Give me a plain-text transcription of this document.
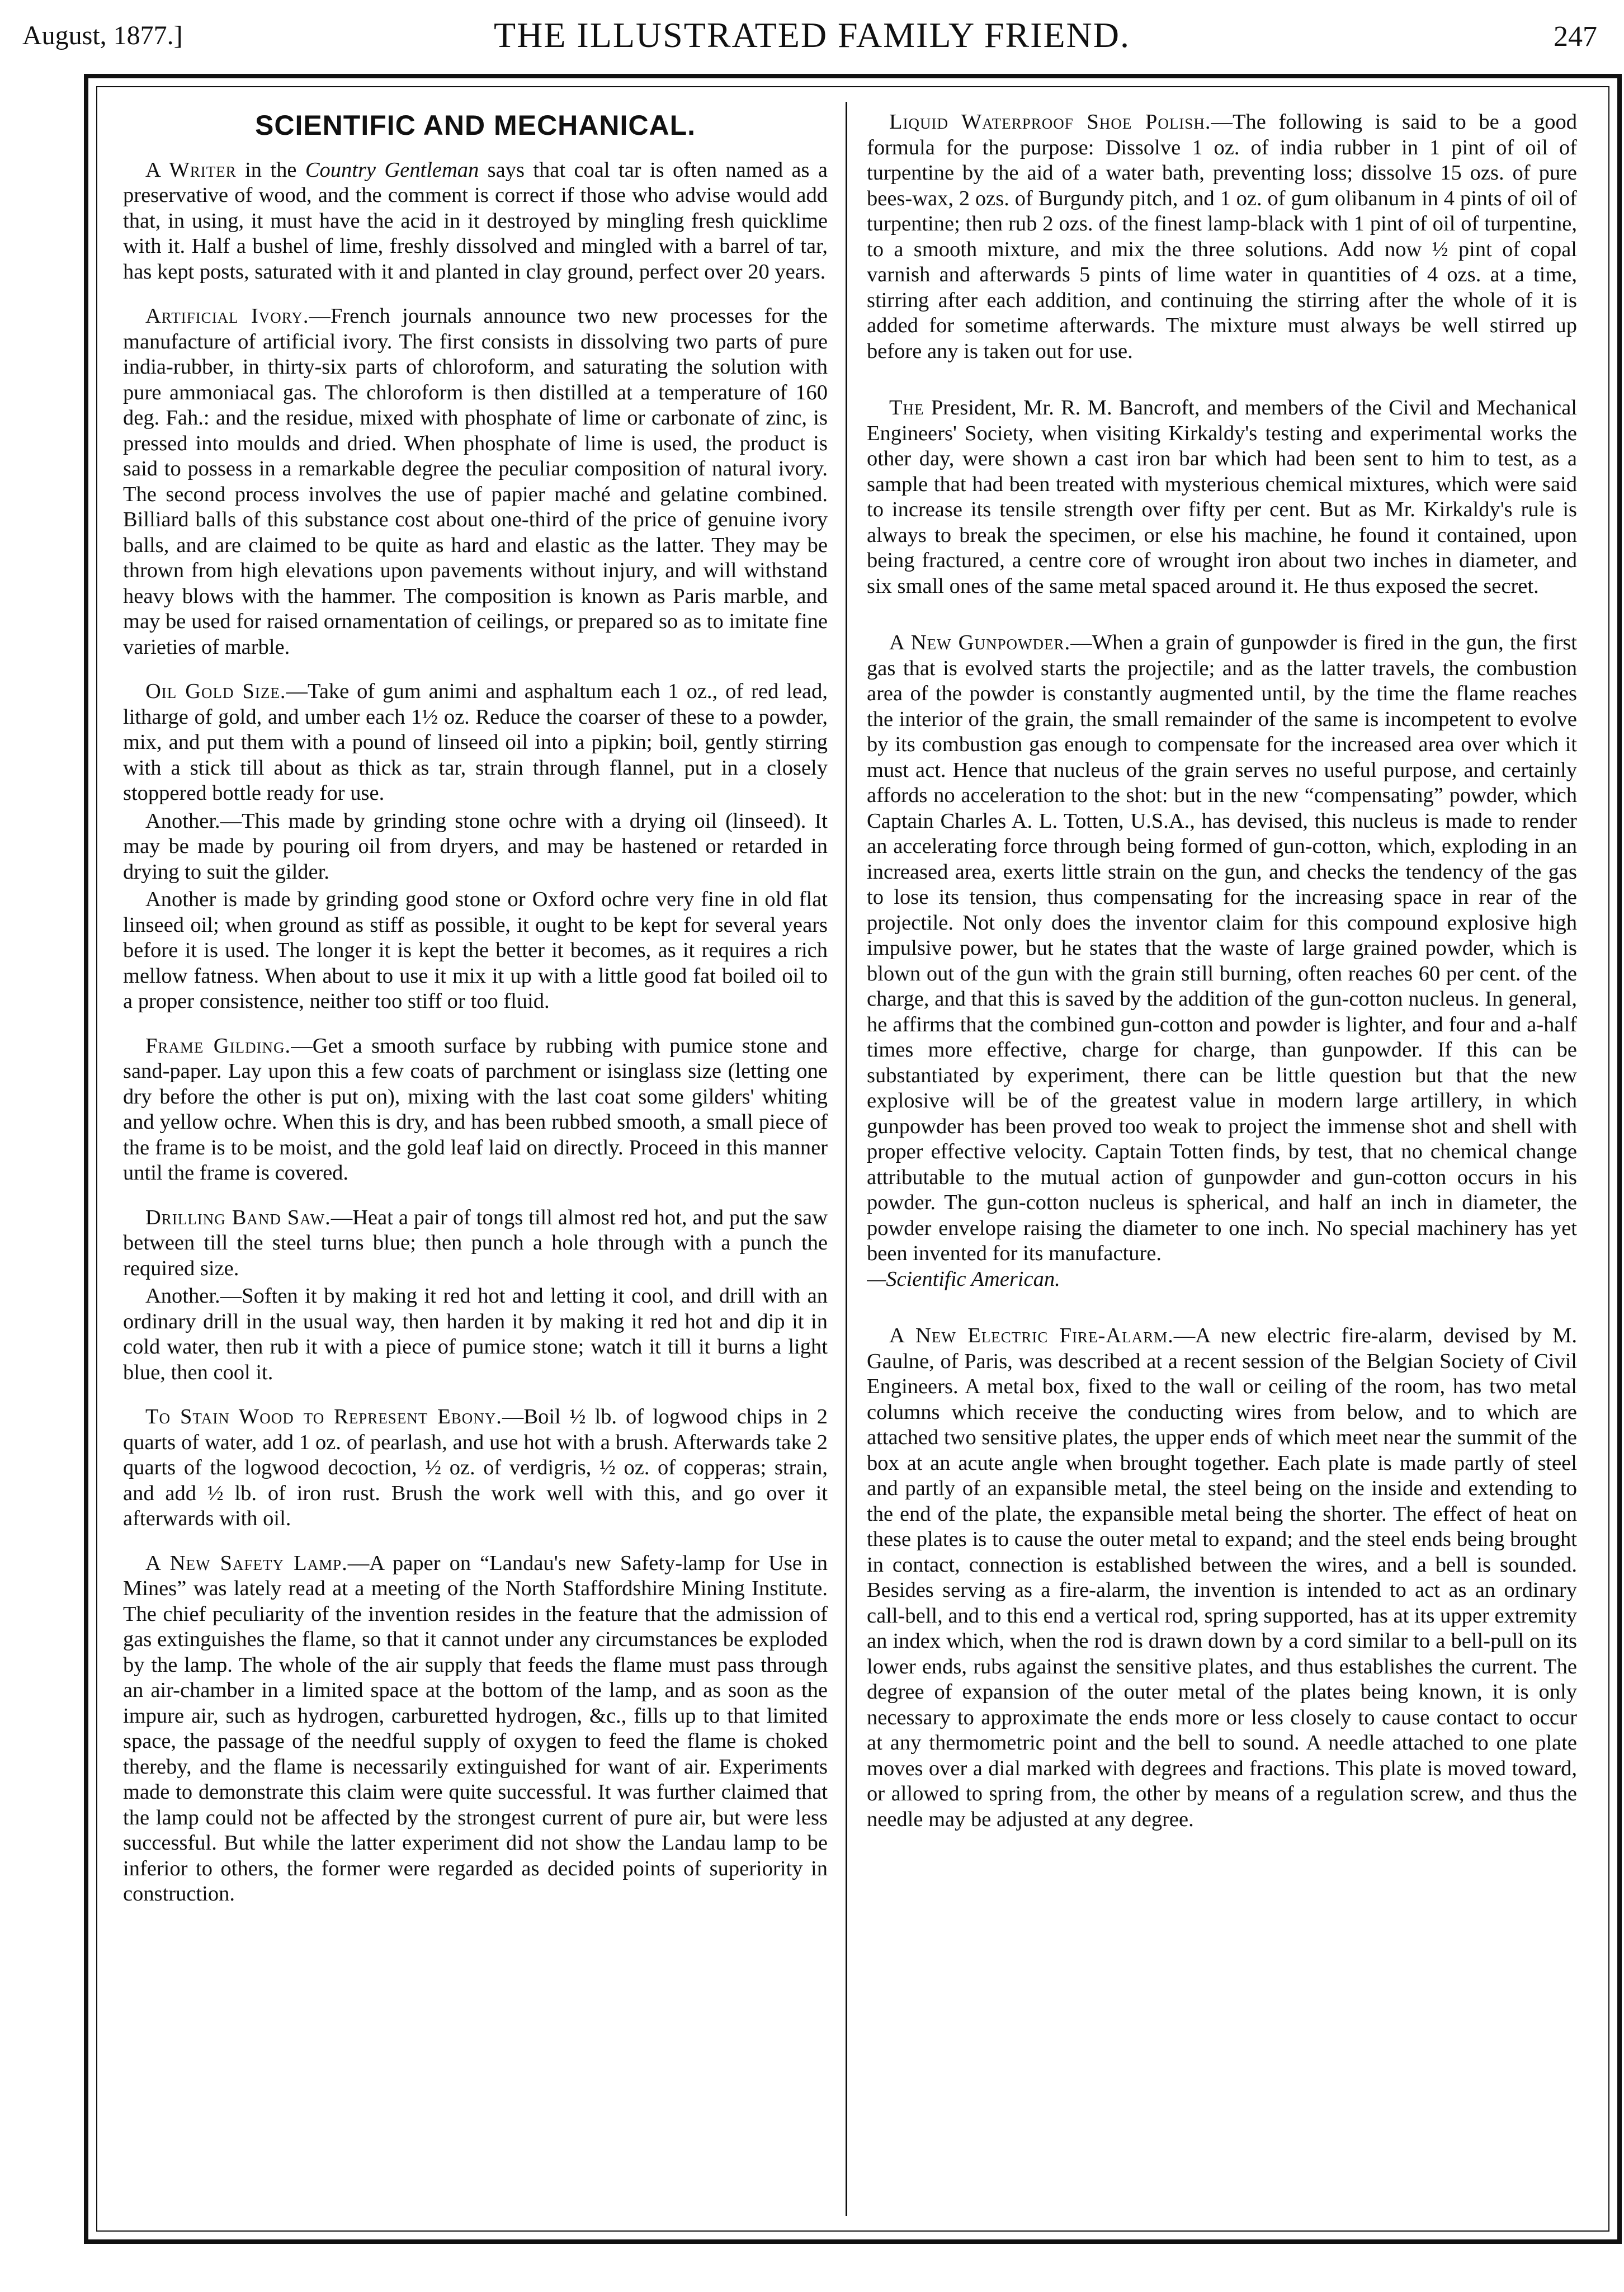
August, 1877.]	THE ILLUSTRATED FAMILY FRIEND.	247
SCIENTIFIC AND MECHANICAL.

A Writer in the Country Gentleman says that coal tar is often named as a preservative of wood, and the comment is correct if those who advise would add that, in using, it must have the acid in it destroyed by mingling fresh quicklime with it. Half a bushel of lime, freshly dissolved and mingled with a barrel of tar, has kept posts, saturated with it and planted in clay ground, perfect over 20 years.

Artificial Ivory.—French journals announce two new processes for the manufacture of artificial ivory. The first consists in dissolving two parts of pure india-rubber, in thirty-six parts of chloroform, and saturating the solution with pure ammoniacal gas. The chloroform is then distilled at a temperature of 160 deg. Fah.: and the residue, mixed with phosphate of lime or carbonate of zinc, is pressed into moulds and dried. When phosphate of lime is used, the product is said to possess in a remarkable degree the peculiar composition of natural ivory. The second process involves the use of papier maché and gelatine combined. Billiard balls of this substance cost about one-third of the price of genuine ivory balls, and are claimed to be quite as hard and elastic as the latter. They may be thrown from high elevations upon pavements without injury, and will withstand heavy blows with the hammer. The composition is known as Paris marble, and may be used for raised ornamentation of ceilings, or prepared so as to imitate fine varieties of marble.

Oil Gold Size.—Take of gum animi and asphaltum each 1 oz., of red lead, litharge of gold, and umber each 1½ oz. Reduce the coarser of these to a powder, mix, and put them with a pound of linseed oil into a pipkin; boil, gently stirring with a stick till about as thick as tar, strain through flannel, put in a closely stoppered bottle ready for use.

Another.—This made by grinding stone ochre with a drying oil (linseed). It may be made by pouring oil from dryers, and may be hastened or retarded in drying to suit the gilder.

Another is made by grinding good stone or Oxford ochre very fine in old flat linseed oil; when ground as stiff as possible, it ought to be kept for several years before it is used. The longer it is kept the better it becomes, as it requires a rich mellow fatness. When about to use it mix it up with a little good fat boiled oil to a proper consistence, neither too stiff or too fluid.

Frame Gilding.—Get a smooth surface by rubbing with pumice stone and sand-paper. Lay upon this a few coats of parchment or isinglass size (letting one dry before the other is put on), mixing with the last coat some gilders' whiting and yellow ochre. When this is dry, and has been rubbed smooth, a small piece of the frame is to be moist, and the gold leaf laid on directly. Proceed in this manner until the frame is covered.

Drilling Band Saw.—Heat a pair of tongs till almost red hot, and put the saw between till the steel turns blue; then punch a hole through with a punch the required size.

Another.—Soften it by making it red hot and letting it cool, and drill with an ordinary drill in the usual way, then harden it by making it red hot and dip it in cold water, then rub it with a piece of pumice stone; watch it till it burns a light blue, then cool it.

To Stain Wood to Represent Ebony.—Boil ½ lb. of logwood chips in 2 quarts of water, add 1 oz. of pearlash, and use hot with a brush. Afterwards take 2 quarts of the logwood decoction, ½ oz. of verdigris, ½ oz. of copperas; strain, and add ½ lb. of iron rust. Brush the work well with this, and go over it afterwards with oil.

A New Safety Lamp.—A paper on “Landau's new Safety-lamp for Use in Mines” was lately read at a meeting of the North Staffordshire Mining Institute. The chief peculiarity of the invention resides in the feature that the admission of gas extinguishes the flame, so that it cannot under any circumstances be exploded by the lamp. The whole of the air supply that feeds the flame must pass through an air-chamber in a limited space at the bottom of the lamp, and as soon as the impure air, such as hydrogen, carburetted hydrogen, &c., fills up to that limited space, the passage of the needful supply of oxygen to feed the flame is choked thereby, and the flame is necessarily extinguished for want of air. Experiments made to demonstrate this claim were quite successful. It was further claimed that the lamp could not be affected by the strongest current of pure air, but were less successful. But while the latter experiment did not show the Landau lamp to be inferior to others, the former were regarded as decided points of superiority in construction.

Liquid Waterproof Shoe Polish.—The following is said to be a good formula for the purpose: Dissolve 1 oz. of india rubber in 1 pint of oil of turpentine by the aid of a water bath, preventing loss; dissolve 15 ozs. of pure bees-wax, 2 ozs. of Burgundy pitch, and 1 oz. of gum olibanum in 4 pints of oil of turpentine; then rub 2 ozs. of the finest lamp-black with 1 pint of oil of turpentine, to a smooth mixture, and mix the three solutions. Add now ½ pint of copal varnish and afterwards 5 pints of lime water in quantities of 4 ozs. at a time, stirring after each addition, and continuing the stirring after the whole of it is added for sometime afterwards. The mixture must always be well stirred up before any is taken out for use.

The President, Mr. R. M. Bancroft, and members of the Civil and Mechanical Engineers' Society, when visiting Kirkaldy's testing and experimental works the other day, were shown a cast iron bar which had been sent to him to test, as a sample that had been treated with mysterious chemical mixtures, which were said to increase its tensile strength over fifty per cent. But as Mr. Kirkaldy's rule is always to break the specimen, or else his machine, he found it contained, upon being fractured, a centre core of wrought iron about two inches in diameter, and six small ones of the same metal spaced around it. He thus exposed the secret.

A New Gunpowder.—When a grain of gunpowder is fired in the gun, the first gas that is evolved starts the projectile; and as the latter travels, the combustion area of the powder is constantly augmented until, by the time the flame reaches the interior of the grain, the small remainder of the same is incompetent to evolve by its combustion gas enough to compensate for the increased area over which it must act. Hence that nucleus of the grain serves no useful purpose, and certainly affords no acceleration to the shot: but in the new “compensating” powder, which Captain Charles A. L. Totten, U.S.A., has devised, this nucleus is made to render an accelerating force through being formed of gun-cotton, which, exploding in an increased area, exerts little strain on the gun, and checks the tendency of the gas to lose its tension, thus compensating for the increasing space in rear of the projectile. Not only does the inventor claim for this compound explosive high impulsive power, but he states that the waste of large grained powder, which is blown out of the gun with the grain still burning, often reaches 60 per cent. of the charge, and that this is saved by the addition of the gun-cotton nucleus. In general, he affirms that the combined gun-cotton and powder is lighter, and four and a-half times more effective, charge for charge, than gunpowder. If this can be substantiated by experiment, there can be little question but that the new explosive will be of the greatest value in modern large artillery, in which gunpowder has been proved too weak to project the immense shot and shell with proper effective velocity. Captain Totten finds, by test, that no chemical change attributable to the mutual action of gunpowder and gun-cotton occurs in his powder. The gun-cotton nucleus is spherical, and half an inch in diameter, the powder envelope raising the diameter to one inch. No special machinery has yet been invented for its manufacture.
—Scientific American.

A New Electric Fire-Alarm.—A new electric fire-alarm, devised by M. Gaulne, of Paris, was described at a recent session of the Belgian Society of Civil Engineers. A metal box, fixed to the wall or ceiling of the room, has two metal columns which receive the conducting wires from below, and to which are attached two sensitive plates, the upper ends of which meet near the summit of the box at an acute angle when brought together. Each plate is made partly of steel and partly of an expansible metal, the steel being on the inside and extending to the end of the plate, the expansible metal being the shorter. The effect of heat on these plates is to cause the outer metal to expand; and the steel ends being brought in contact, connection is established between the wires, and a bell is sounded. Besides serving as a fire-alarm, the invention is intended to act as an ordinary call-bell, and to this end a vertical rod, spring supported, has at its upper extremity an index which, when the rod is drawn down by a cord similar to a bell-pull on its lower ends, rubs against the sensitive plates, and thus establishes the current. The degree of expansion of the outer metal of the plates being known, it is only necessary to approximate the ends more or less closely to cause contact to occur at any thermometric point and the bell to sound. A needle attached to one plate moves over a dial marked with degrees and fractions. This plate is moved toward, or allowed to spring from, the other by means of a regulation screw, and thus the needle may be adjusted at any degree.
